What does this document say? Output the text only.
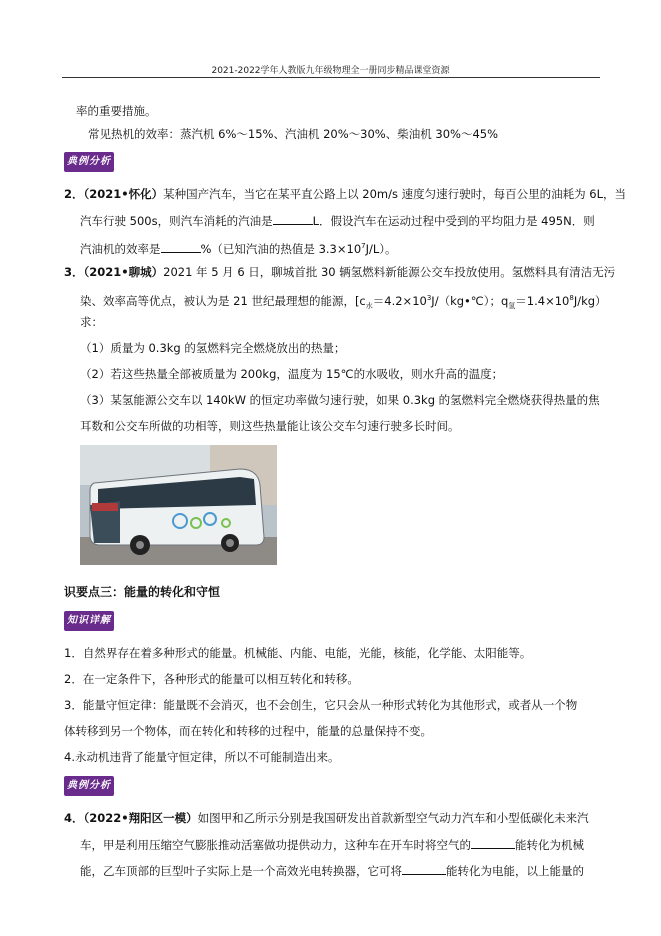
2021-2022学年人教版九年级物理全一册同步精品课堂资源
率的重要措施。
常见热机的效率：蒸汽机 6%～15%、汽油机 20%～30%、柴油机 30%～45%
典例分析
2．（2021•怀化）某种国产汽车，当它在某平直公路上以 20m/s 速度匀速行驶时，每百公里的油耗为 6L，当
汽车行驶 500s，则汽车消耗的汽油是	L．假设汽车在运动过程中受到的平均阻力是 495N．则
汽油机的效率是	%（已知汽油的热值是 $3.3\times 10^7J/L$）。
3．（2021•聊城）2021 年 5 月 6 日，聊城首批 30 辆氢燃料新能源公交车投放使用。氢燃料具有清洁无污
染、效率高等优点，被认为是 21 世纪最理想的能源，[$c_水=4.2\times 10^3J/(kg•℃)$；$q_氢=1.4\times 10^8J/kg$）
求：
（1）质量为 0.3kg 的氢燃料完全燃烧放出的热量；
（2）若这些热量全部被质量为 200kg，温度为 15℃的水吸收，则水升高的温度；
（3）某氢能源公交车以 140kW 的恒定功率做匀速行驶，如果 0.3kg 的氢燃料完全燃烧获得热量的焦
耳数和公交车所做的功相等，则这些热量能让该公交车匀速行驶多长时间。
识要点三：能量的转化和守恒
知识详解
1．自然界存在着多种形式的能量。机械能、内能、电能，光能，核能，化学能、太阳能等。
2．在一定条件下，各种形式的能量可以相互转化和转移。
3．能量守恒定律：能量既不会消灭，也不会创生，它只会从一种形式转化为其他形式，或者从一个物
体转移到另一个物体，而在转化和转移的过程中，能量的总量保持不变。
4.永动机违背了能量守恒定律，所以不可能制造出来。
典例分析
4．（2022•翔阳区一模）如图甲和乙所示分别是我国研发出首款新型空气动力汽车和小型低碳化未来汽
车，甲是利用压缩空气膨胀推动活塞做功提供动力，这种车在开车时将空气的	能转化为机械
能，乙车顶部的巨型叶子实际上是一个高效光电转换器，它可将	能转化为电能，以上能量的
